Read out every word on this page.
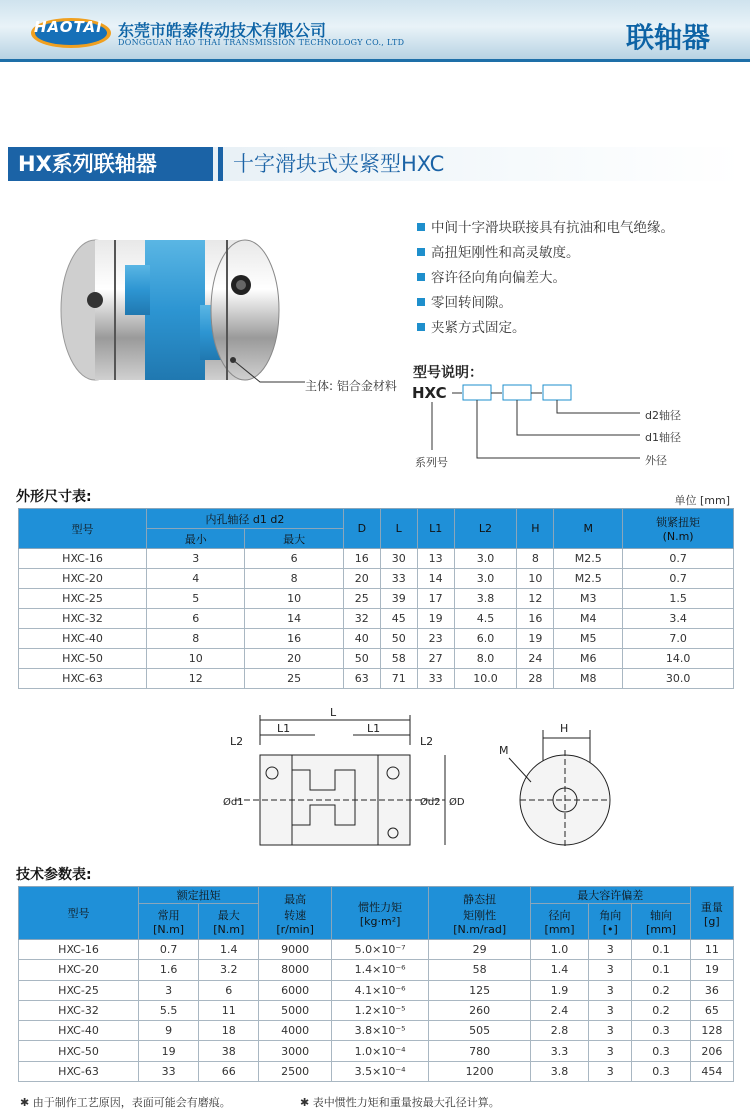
HAOTAI 东莞市皓泰传动技术有限公司
DONGGUAN HAO THAI TRANSMISSION TECHNOLOGY CO., LTD	联轴器
HX系列联轴器	十字滑块式夹紧型HXC
主体: 铝合金材料
中间十字滑块联接具有抗油和电气绝缘。
高扭矩刚性和高灵敏度。
容许径向角向偏差大。
零回转间隙。
夹紧方式固定。
型号说明：
HXC
d2轴径
d1轴径
外径
系列号
外形尺寸表:	单位 [mm]
型号	内孔轴径 d1 d2		D	L	L1	L2	H	M	锁紧扭矩
(N.m)
	最小	最大							
HXC-16	3	6	16	30	13	3.0	8	M2.5	0.7
HXC-20	4	8	20	33	14	3.0	10	M2.5	0.7
HXC-25	5	10	25	39	17	3.8	12	M3	1.5
HXC-32	6	14	32	45	19	4.5	16	M4	3.4
HXC-40	8	16	40	50	23	6.0	19	M5	7.0
HXC-50	10	20	50	58	27	8.0	24	M6	14.0
HXC-63	12	25	63	71	33	10.0	28	M8	30.0
L
L1	L1
L2	L2
Ød1	Ød2 ØD
H
M
技术参数表:
型号	额定扭矩		最高
转速
[r/min]	惯性力矩
[kg·m²]	静态扭
矩刚性
[N.m/rad]	最大容许偏差			重量
[g]
	常用
[N.m]	最大
[N.m]				径向
[mm]	角向
[•]	轴向
[mm]	
HXC-16	0.7	1.4	9000	5.0×10⁻⁷	29	1.0	3	0.1	11
HXC-20	1.6	3.2	8000	1.4×10⁻⁶	58	1.4	3	0.1	19
HXC-25	3	6	6000	4.1×10⁻⁶	125	1.9	3	0.2	36
HXC-32	5.5	11	5000	1.2×10⁻⁵	260	2.4	3	0.2	65
HXC-40	9	18	4000	3.8×10⁻⁵	505	2.8	3	0.3	128
HXC-50	19	38	3000	1.0×10⁻⁴	780	3.3	3	0.3	206
HXC-63	33	66	2500	3.5×10⁻⁴	1200	3.8	3	0.3	454
✱ 由于制作工艺原因，表面可能会有磨痕。	✱ 表中惯性力矩和重量按最大孔径计算。
